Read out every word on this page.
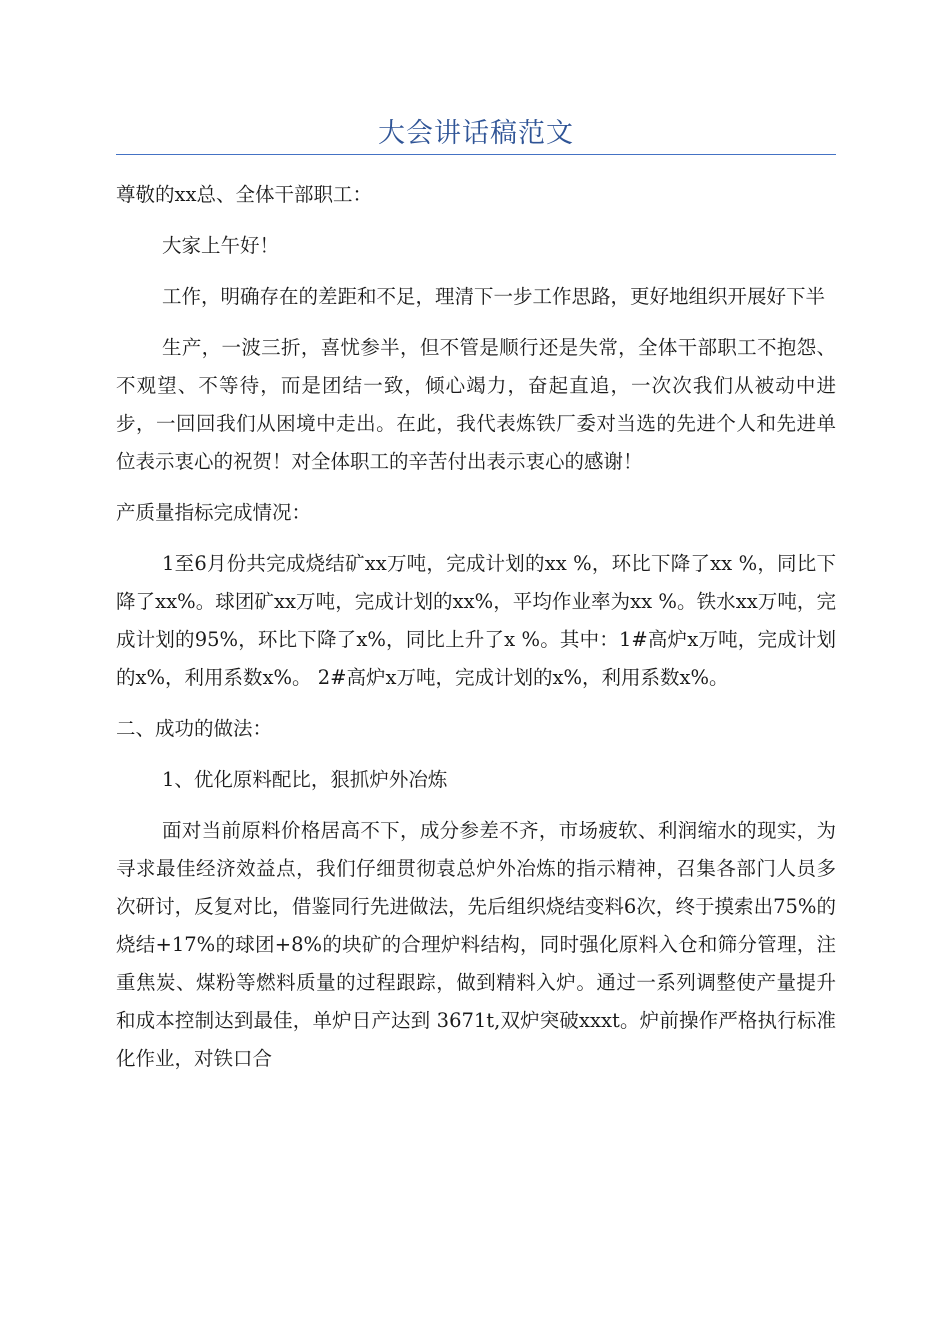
大会讲话稿范文

尊敬的xx总、全体干部职工：

大家上午好！

工作，明确存在的差距和不足，理清下一步工作思路，更好地组织开展好下半

生产，一波三折，喜忧参半，但不管是顺行还是失常，全体干部职工不抱怨、不观望、不等待，而是团结一致，倾心竭力，奋起直追，一次次我们从被动中进步，一回回我们从困境中走出。在此，我代表炼铁厂委对当选的先进个人和先进单位表示衷心的祝贺！对全体职工的辛苦付出表示衷心的感谢！

产质量指标完成情况：

1至6月份共完成烧结矿xx万吨，完成计划的xx %，环比下降了xx %，同比下降了xx%。球团矿xx万吨，完成计划的xx%，平均作业率为xx %。铁水xx万吨，完成计划的95%，环比下降了x%，同比上升了x %。其中：1#高炉x万吨，完成计划的x%，利用系数x%。 2#高炉x万吨，完成计划的x%，利用系数x%。

二、成功的做法：

1、优化原料配比，狠抓炉外冶炼

面对当前原料价格居高不下，成分参差不齐，市场疲软、利润缩水的现实，为寻求最佳经济效益点，我们仔细贯彻袁总炉外冶炼的指示精神，召集各部门人员多次研讨，反复对比，借鉴同行先进做法，先后组织烧结变料6次，终于摸索出75%的烧结+17%的球团+8%的块矿的合理炉料结构，同时强化原料入仓和筛分管理，注重焦炭、煤粉等燃料质量的过程跟踪，做到精料入炉。通过一系列调整使产量提升和成本控制达到最佳，单炉日产达到 3671t,双炉突破xxxt。炉前操作严格执行标准化作业，对铁口合
